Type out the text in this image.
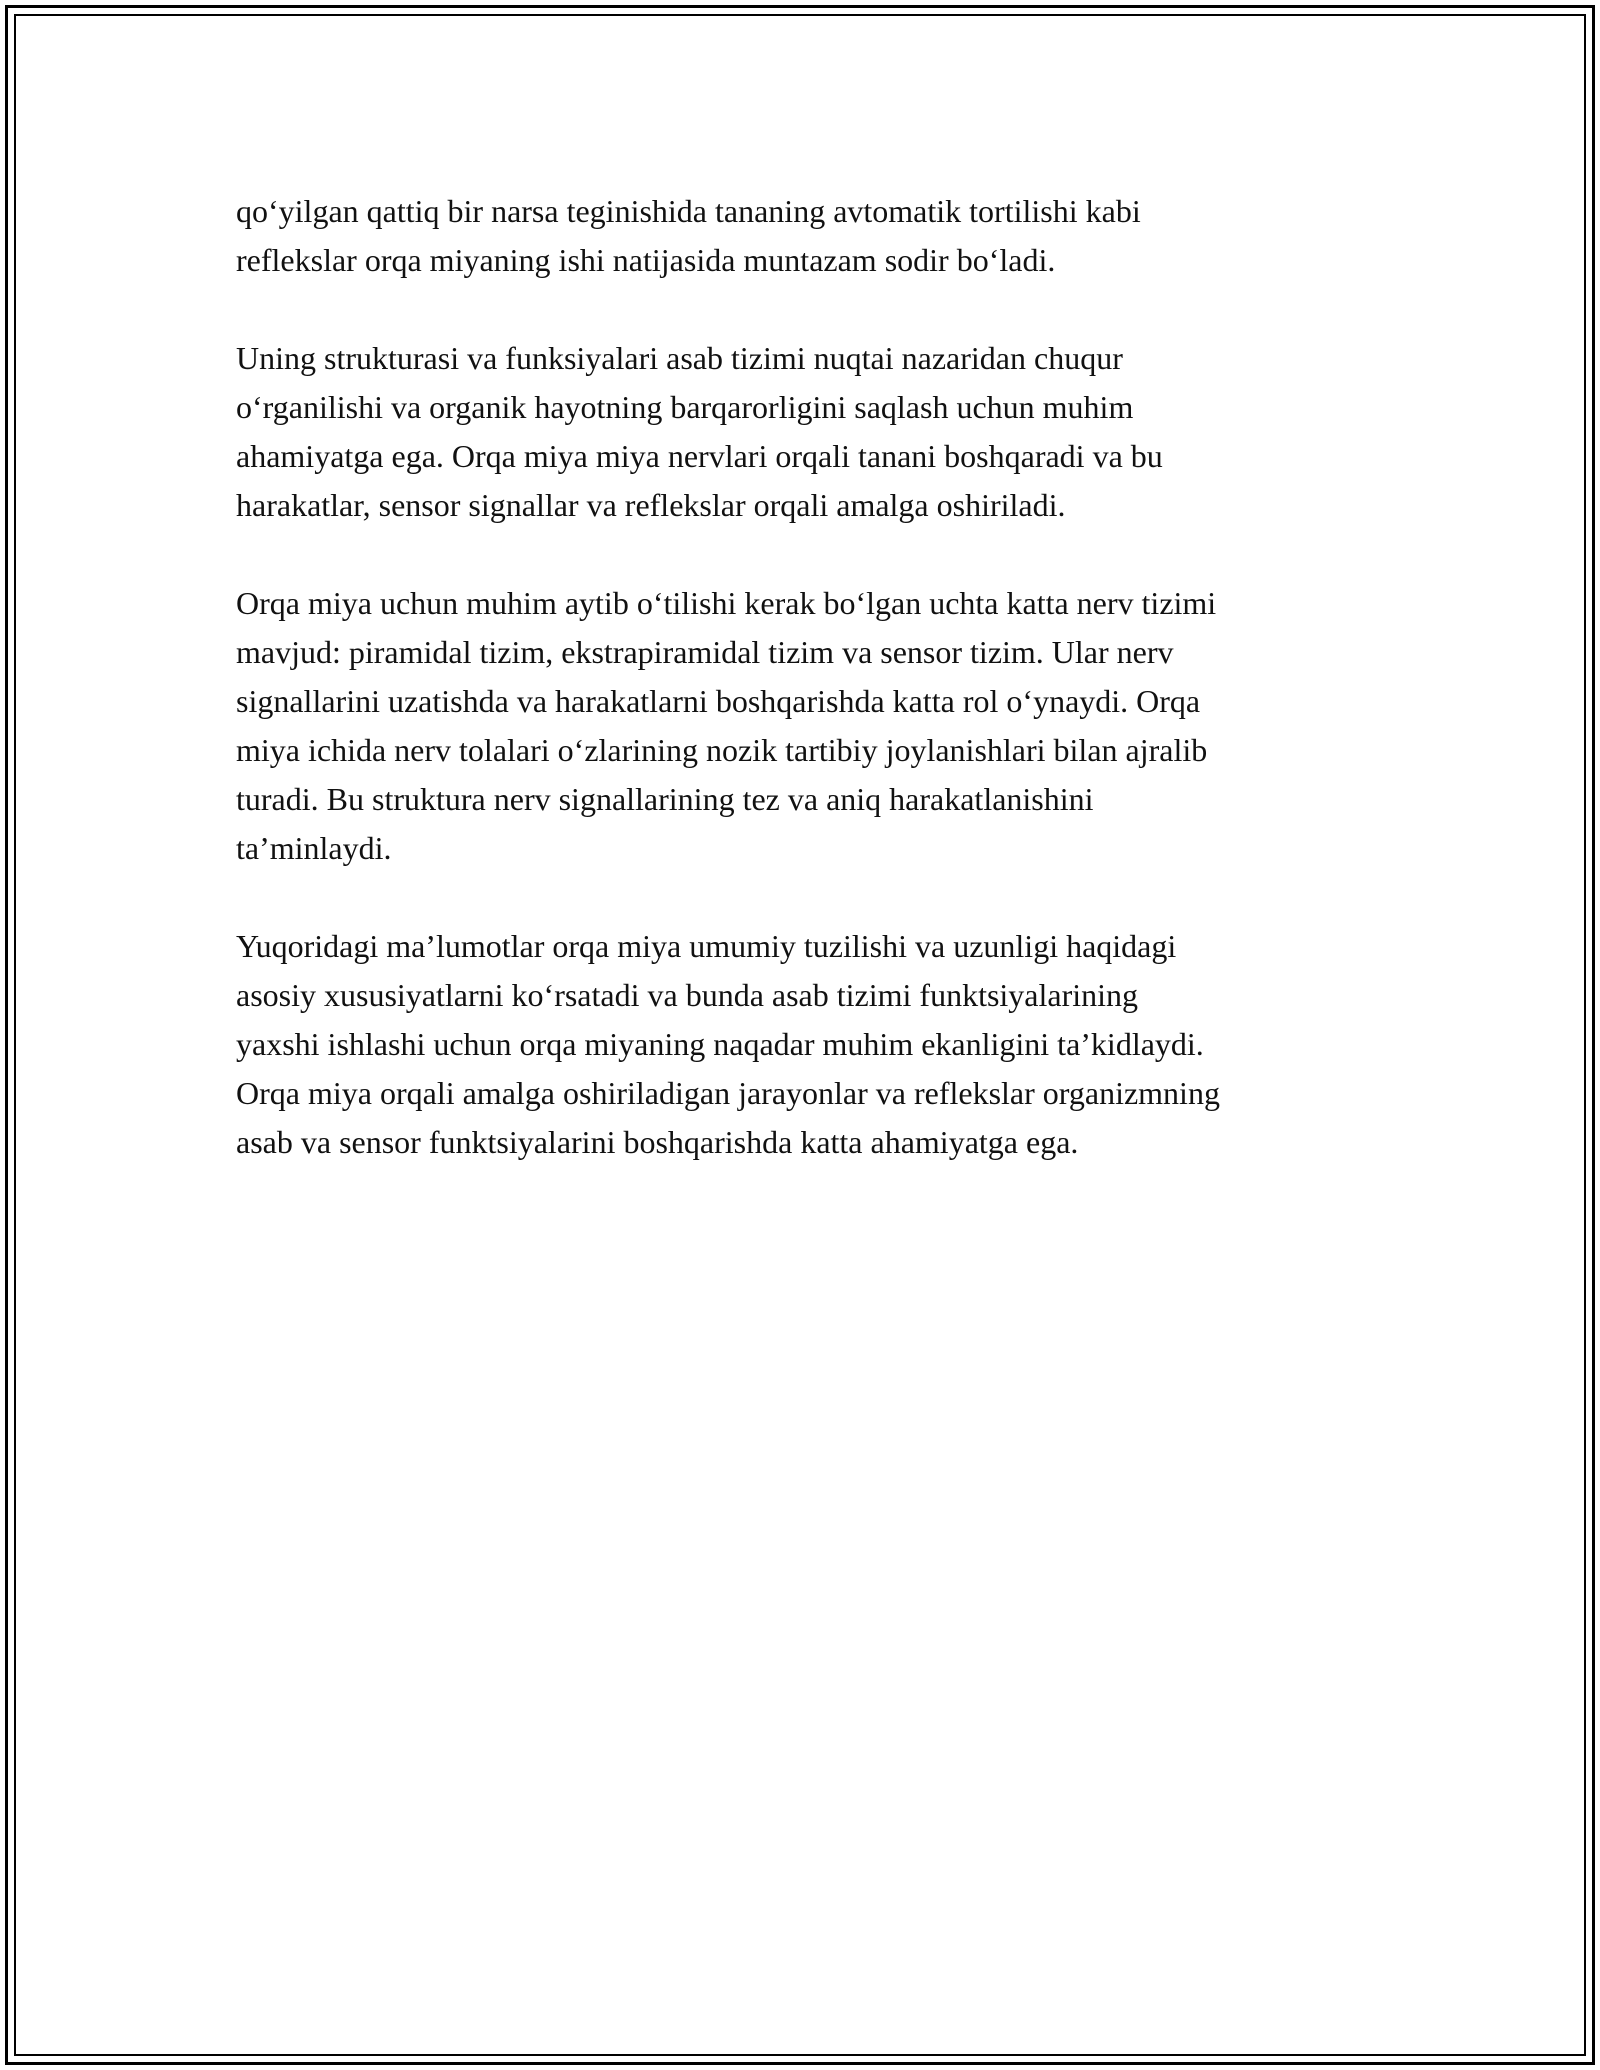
qo‘yilgan qattiq bir narsa teginishida tananing avtomatik tortilishi kabi
reflekslar orqa miyaning ishi natijasida muntazam sodir bo‘ladi.

Uning strukturasi va funksiyalari asab tizimi nuqtai nazaridan chuqur
o‘rganilishi va organik hayotning barqarorligini saqlash uchun muhim
ahamiyatga ega. Orqa miya miya nervlari orqali tanani boshqaradi va bu
harakatlar, sensor signallar va reflekslar orqali amalga oshiriladi.

Orqa miya uchun muhim aytib o‘tilishi kerak bo‘lgan uchta katta nerv tizimi
mavjud: piramidal tizim, ekstrapiramidal tizim va sensor tizim. Ular nerv
signallarini uzatishda va harakatlarni boshqarishda katta rol o‘ynaydi. Orqa
miya ichida nerv tolalari o‘zlarining nozik tartibiy joylanishlari bilan ajralib
turadi. Bu struktura nerv signallarining tez va aniq harakatlanishini
ta’minlaydi.

Yuqoridagi ma’lumotlar orqa miya umumiy tuzilishi va uzunligi haqidagi
asosiy xususiyatlarni ko‘rsatadi va bunda asab tizimi funktsiyalarining
yaxshi ishlashi uchun orqa miyaning naqadar muhim ekanligini ta’kidlaydi.
Orqa miya orqali amalga oshiriladigan jarayonlar va reflekslar organizmning
asab va sensor funktsiyalarini boshqarishda katta ahamiyatga ega.
